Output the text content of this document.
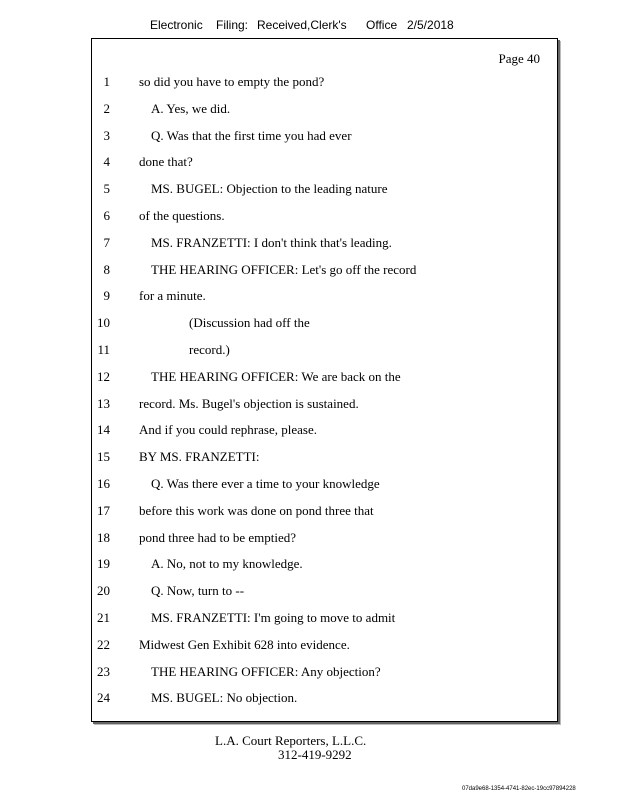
Electronic Filing: Received,Clerk's Office 2/5/2018
Page 40
1 so did you have to empty the pond?
2	A. Yes, we did.
3	Q. Was that the first time you had ever
4 done that?
5	MS. BUGEL: Objection to the leading nature
6 of the questions.
7	MS. FRANZETTI: I don't think that's leading.
8	THE HEARING OFFICER: Let's go off the record
9 for a minute.
10	(Discussion had off the
11	record.)
12	THE HEARING OFFICER: We are back on the
13 record. Ms. Bugel's objection is sustained.
14 And if you could rephrase, please.
15 BY MS. FRANZETTI:
16	Q. Was there ever a time to your knowledge
17 before this work was done on pond three that
18 pond three had to be emptied?
19	A. No, not to my knowledge.
20	Q. Now, turn to --
21	MS. FRANZETTI: I'm going to move to admit
22 Midwest Gen Exhibit 628 into evidence.
23	THE HEARING OFFICER: Any objection?
24	MS. BUGEL: No objection.
L.A. Court Reporters, L.L.C.
312-419-9292
07da9e68-1354-4741-82ec-19cc97894228
